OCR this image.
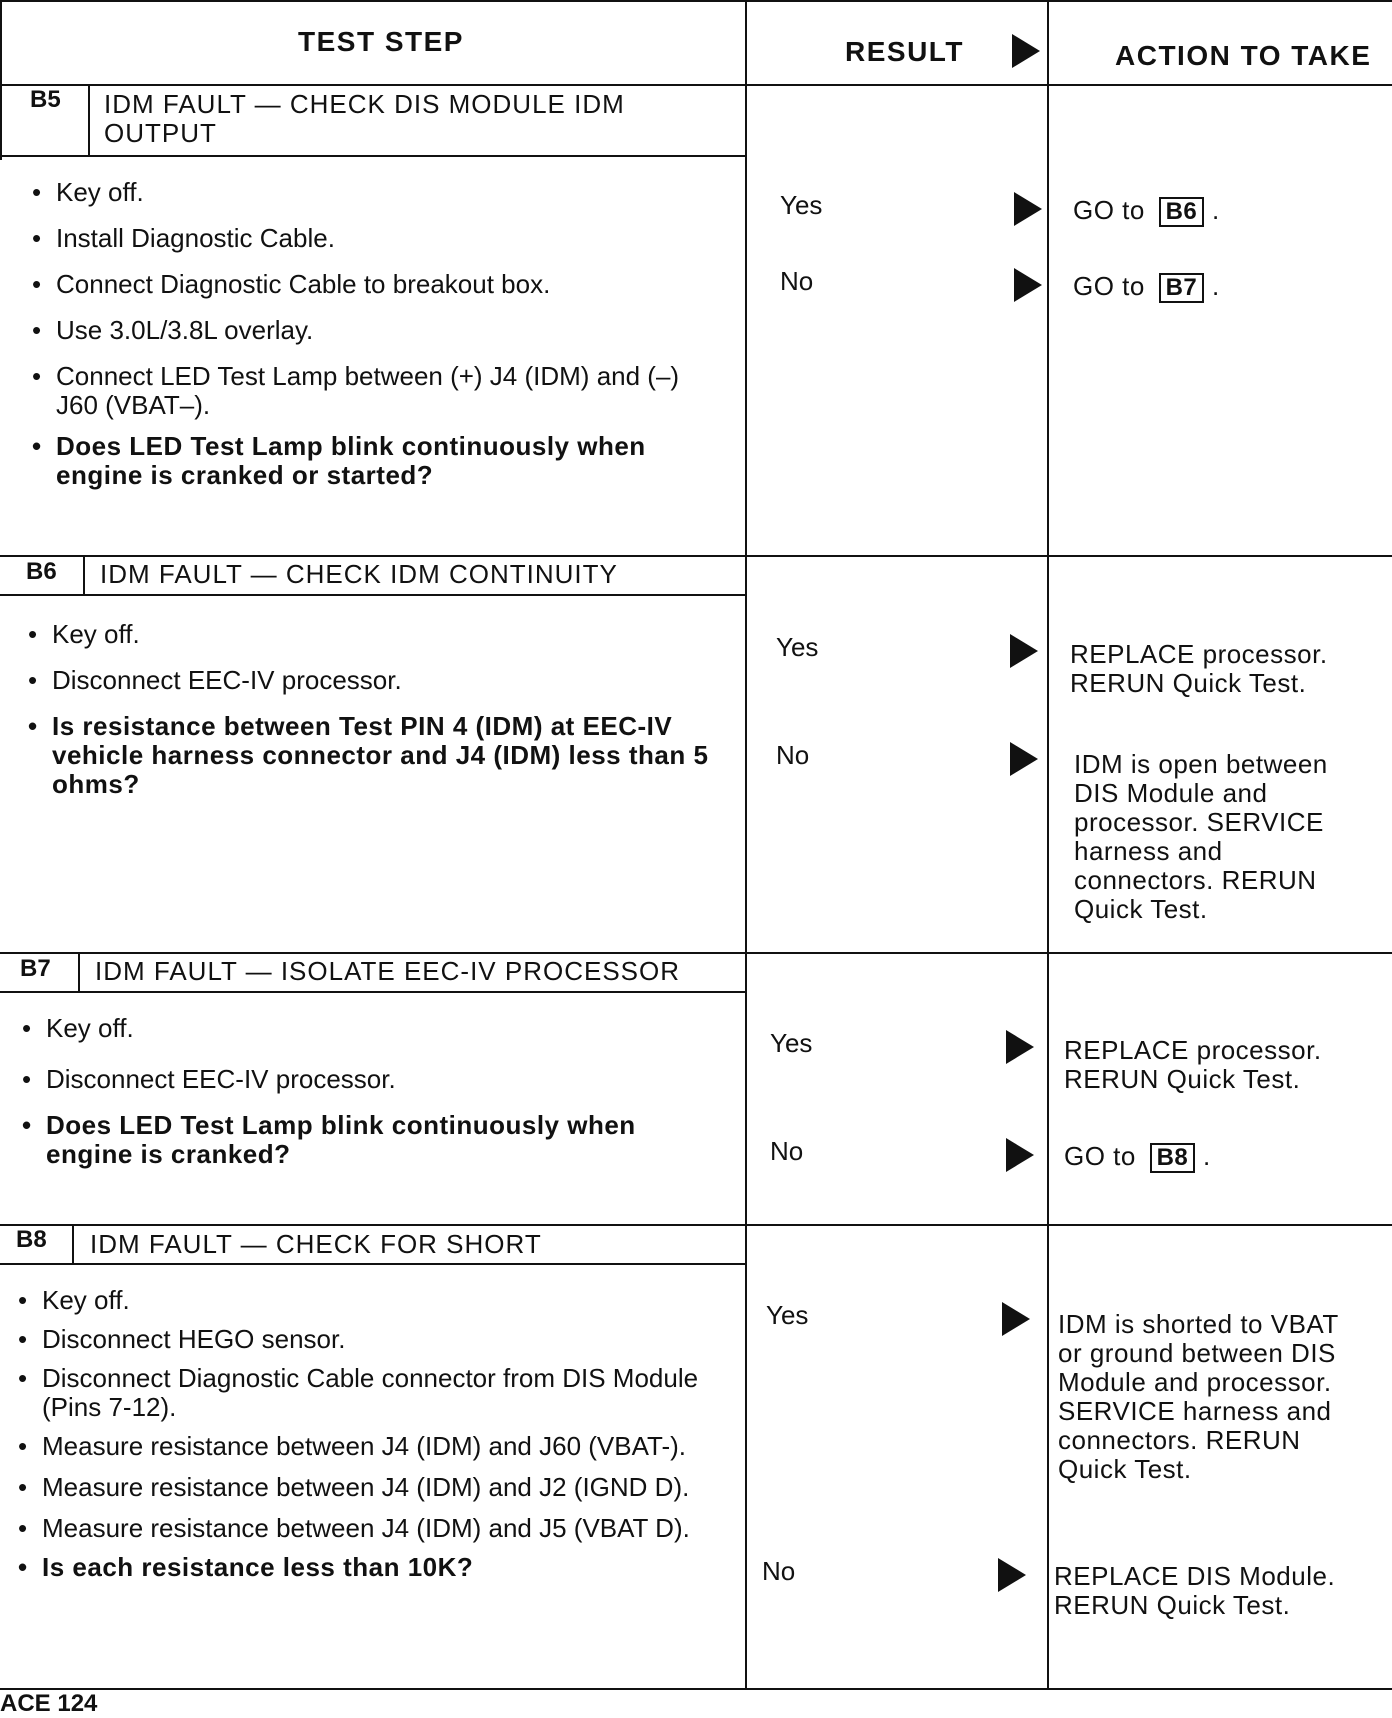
TEST STEP	RESULT	ACTION TO TAKE
B5 IDM FAULT — CHECK DIS MODULE IDM
OUTPUT
• Key off.
• Install Diagnostic Cable.
• Connect Diagnostic Cable to breakout box.
• Use 3.0L/3.8L overlay.
• Connect LED Test Lamp between (+) J4 (IDM) and (–) J60 (VBAT–).
• Does LED Test Lamp blink continuously when engine is cranked or started?
Yes	GO to B6 .
No	GO to B7 .
B6 IDM FAULT — CHECK IDM CONTINUITY
• Key off.
• Disconnect EEC-IV processor.
• Is resistance between Test PIN 4 (IDM) at EEC-IV vehicle harness connector and J4 (IDM) less than 5 ohms?
Yes	REPLACE processor. RERUN Quick Test.
No	IDM is open between DIS Module and processor. SERVICE harness and connectors. RERUN Quick Test.
B7 IDM FAULT — ISOLATE EEC-IV PROCESSOR
• Key off.
• Disconnect EEC-IV processor.
• Does LED Test Lamp blink continuously when engine is cranked?
Yes	REPLACE processor. RERUN Quick Test.
No	GO to B8 .
B8 IDM FAULT — CHECK FOR SHORT
• Key off.
• Disconnect HEGO sensor.
• Disconnect Diagnostic Cable connector from DIS Module (Pins 7-12).
• Measure resistance between J4 (IDM) and J60 (VBAT-).
• Measure resistance between J4 (IDM) and J2 (IGND D).
• Measure resistance between J4 (IDM) and J5 (VBAT D).
• Is each resistance less than 10K?
Yes	IDM is shorted to VBAT or ground between DIS Module and processor. SERVICE harness and connectors. RERUN Quick Test.
No	REPLACE DIS Module. RERUN Quick Test.
ACE 124
